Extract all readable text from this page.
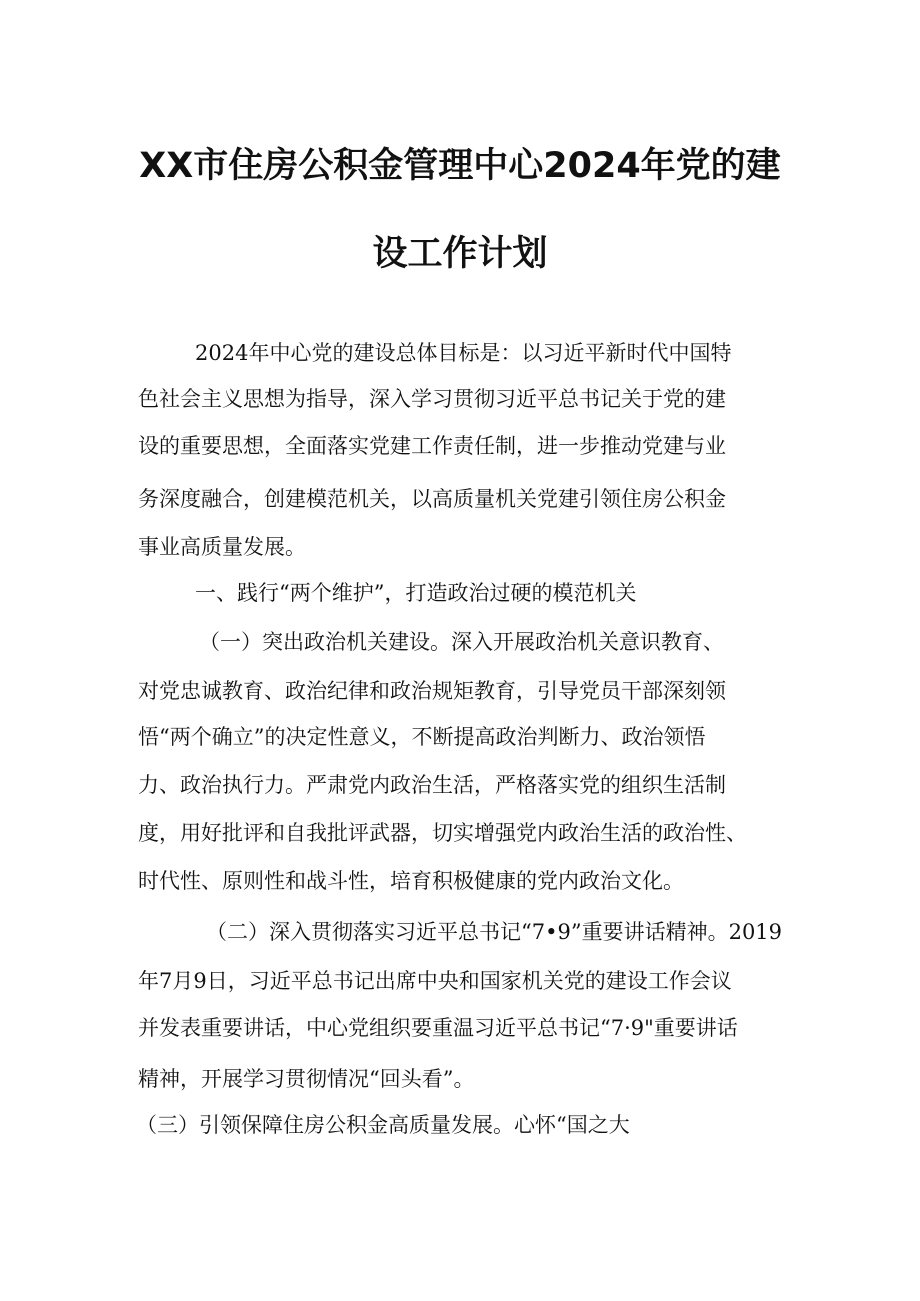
XX市住房公积金管理中心2024年党的建
设工作计划
2024年中心党的建设总体目标是：以习近平新时代中国特
色社会主义思想为指导，深入学习贯彻习近平总书记关于党的建
设的重要思想，全面落实党建工作责任制，进一步推动党建与业
务深度融合，创建模范机关，以高质量机关党建引领住房公积金
事业高质量发展。
一、践行“两个维护”，打造政治过硬的模范机关
（一）突出政治机关建设。深入开展政治机关意识教育、
对党忠诚教育、政治纪律和政治规矩教育，引导党员干部深刻领
悟“两个确立”的决定性意义，不断提高政治判断力、政治领悟
力、政治执行力。严肃党内政治生活，严格落实党的组织生活制
度，用好批评和自我批评武器，切实增强党内政治生活的政治性、
时代性、原则性和战斗性，培育积极健康的党内政治文化。
（二）深入贯彻落实习近平总书记“7•9”重要讲话精神。2019
年7月9日，习近平总书记出席中央和国家机关党的建设工作会议
并发表重要讲话，中心党组织要重温习近平总书记“7·9"重要讲话
精神，开展学习贯彻情况“回头看”。
（三）引领保障住房公积金高质量发展。心怀“国之大
